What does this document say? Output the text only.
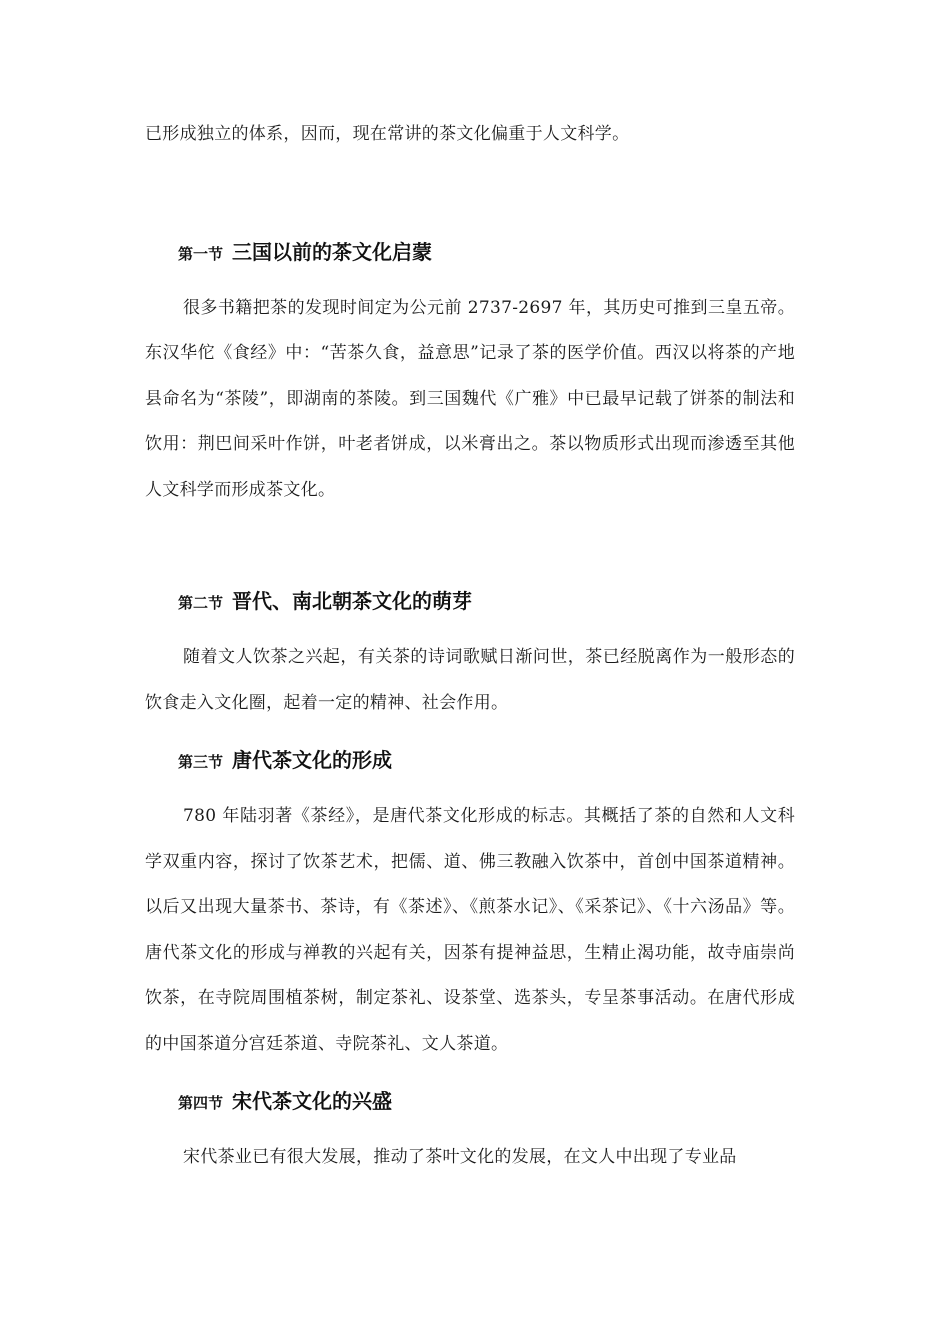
已形成独立的体系，因而，现在常讲的茶文化偏重于人文科学。

第一节 三国以前的茶文化启蒙

很多书籍把茶的发现时间定为公元前 2737-2697 年，其历史可推到三皇五帝。东汉华佗《食经》中：“苦茶久食，益意思”记录了茶的医学价值。西汉以将茶的产地县命名为“茶陵”，即湖南的茶陵。到三国魏代《广雅》中已最早记载了饼茶的制法和饮用：荆巴间采叶作饼，叶老者饼成，以米膏出之。茶以物质形式出现而渗透至其他人文科学而形成茶文化。

第二节 晋代、南北朝茶文化的萌芽

随着文人饮茶之兴起，有关茶的诗词歌赋日渐问世，茶已经脱离作为一般形态的饮食走入文化圈，起着一定的精神、社会作用。

第三节 唐代茶文化的形成

780 年陆羽著《茶经》，是唐代茶文化形成的标志。其概括了茶的自然和人文科学双重内容，探讨了饮茶艺术，把儒、道、佛三教融入饮茶中，首创中国茶道精神。以后又出现大量茶书、茶诗，有《茶述》、《煎茶水记》、《采茶记》、《十六汤品》等。唐代茶文化的形成与禅教的兴起有关，因茶有提神益思，生精止渴功能，故寺庙崇尚饮茶，在寺院周围植茶树，制定茶礼、设茶堂、选茶头，专呈茶事活动。在唐代形成的中国茶道分宫廷茶道、寺院茶礼、文人茶道。

第四节 宋代茶文化的兴盛

宋代茶业已有很大发展，推动了茶叶文化的发展，在文人中出现了专业品
